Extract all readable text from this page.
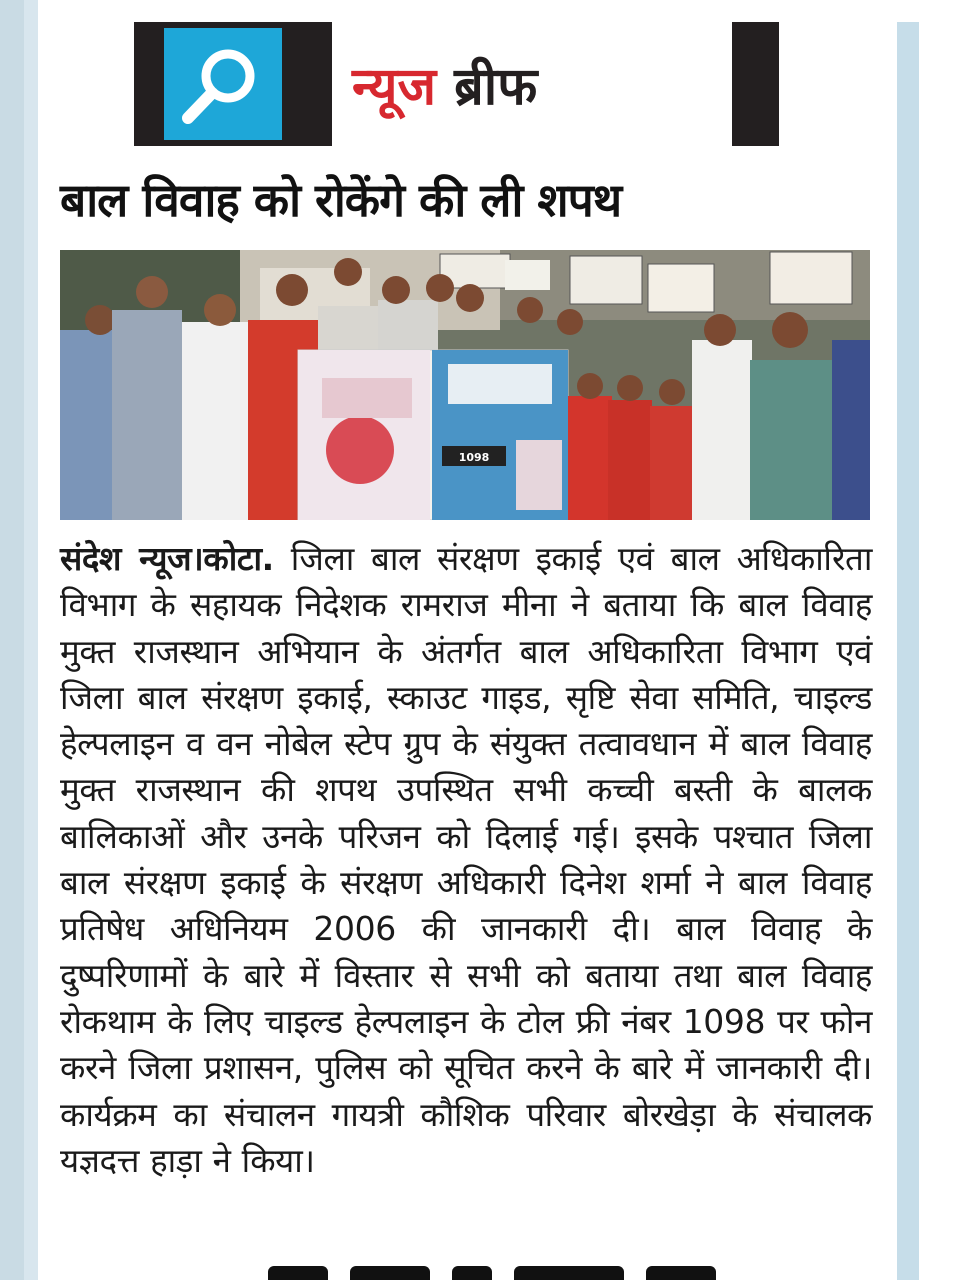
न्यूज ब्रीफ
बाल विवाह को रोकेंगे की ली शपथ
1098
संदेश न्यूज।कोटा. जिला बाल संरक्षण इकाई एवं बाल अधिकारिता विभाग के सहायक निदेशक रामराज मीना ने बताया कि बाल विवाह मुक्त राजस्थान अभियान के अंतर्गत बाल अधिकारिता विभाग एवं जिला बाल संरक्षण इकाई, स्काउट गाइड, सृष्टि सेवा समिति, चाइल्ड हेल्पलाइन व वन नोबेल स्टेप ग्रुप के संयुक्त तत्वावधान में बाल विवाह मुक्त राजस्थान की शपथ उपस्थित सभी कच्ची बस्ती के बालक बालिकाओं और उनके परिजन को दिलाई गई। इसके पश्चात जिला बाल संरक्षण इकाई के संरक्षण अधिकारी दिनेश शर्मा ने बाल विवाह प्रतिषेध अधिनियम 2006 की जानकारी दी। बाल विवाह के दुष्परिणामों के बारे में विस्तार से सभी को बताया तथा बाल विवाह रोकथाम के लिए चाइल्ड हेल्पलाइन के टोल फ्री नंबर 1098 पर फोन करने जिला प्रशासन, पुलिस को सूचित करने के बारे में जानकारी दी। कार्यक्रम का संचालन गायत्री कौशिक परिवार बोरखेड़ा के संचालक यज्ञदत्त हाड़ा ने किया।
